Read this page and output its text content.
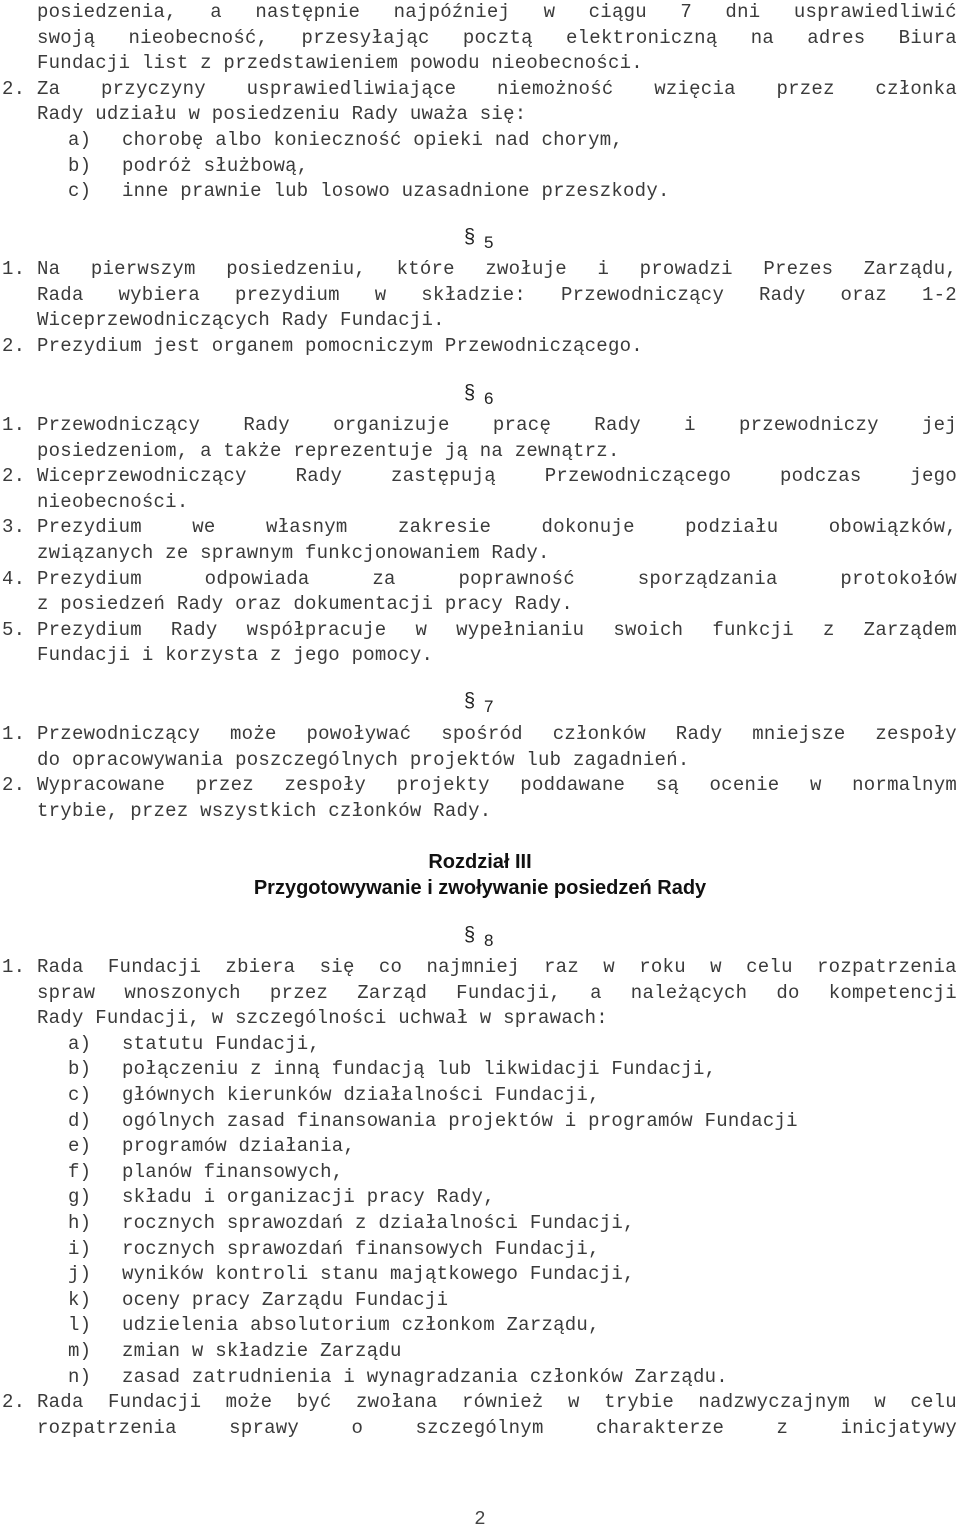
posiedzenia, a następnie najpóźniej w ciągu 7 dni usprawiedliwić
swoją nieobecność, przesyłając pocztą elektroniczną na adres Biura
Fundacji list z przedstawieniem powodu nieobecności.
2. Za przyczyny usprawiedliwiające niemożność wzięcia przez członka
Rady udziału w posiedzeniu Rady uważa się:
a) chorobę albo konieczność opieki nad chorym,
b) podróż służbową,
c) inne prawnie lub losowo uzasadnione przeszkody.
§ 5
1. Na pierwszym posiedzeniu, które zwołuje i prowadzi Prezes Zarządu,
Rada wybiera prezydium w składzie: Przewodniczący Rady oraz 1-2
Wiceprzewodniczących Rady Fundacji.
2. Prezydium jest organem pomocniczym Przewodniczącego.
§ 6
1. Przewodniczący Rady organizuje pracę Rady i przewodniczy jej
posiedzeniom, a także reprezentuje ją na zewnątrz.
2. Wiceprzewodniczący	Rady	zastępują	Przewodniczącego	podczas	jego
nieobecności.
3. Prezydium	we	własnym	zakresie	dokonuje	podziału	obowiązków,
związanych ze sprawnym funkcjonowaniem Rady.
4. Prezydium	odpowiada	za	poprawność	sporządzania	protokołów
z posiedzeń Rady oraz dokumentacji pracy Rady.
5. Prezydium Rady współpracuje w wypełnianiu swoich funkcji z Zarządem
Fundacji i korzysta z jego pomocy.
§ 7
1. Przewodniczący może powoływać spośród członków Rady mniejsze zespoły
do opracowywania poszczególnych projektów lub zagadnień.
2. Wypracowane przez zespoły projekty poddawane są ocenie w normalnym
trybie, przez wszystkich członków Rady.
Rozdział III
Przygotowywanie i zwoływanie posiedzeń Rady
§ 8
1. Rada Fundacji zbiera się co najmniej raz w roku w celu rozpatrzenia
spraw wnoszonych przez Zarząd Fundacji, a należących do kompetencji
Rady Fundacji, w szczególności uchwał w sprawach:
a) statutu Fundacji,
b) połączeniu z inną fundacją lub likwidacji Fundacji,
c) głównych kierunków działalności Fundacji,
d) ogólnych zasad finansowania projektów i programów Fundacji
e) programów działania,
f) planów finansowych,
g) składu i organizacji pracy Rady,
h) rocznych sprawozdań z działalności Fundacji,
i) rocznych sprawozdań finansowych Fundacji,
j) wyników kontroli stanu majątkowego Fundacji,
k) oceny pracy Zarządu Fundacji
l) udzielenia absolutorium członkom Zarządu,
m) zmian w składzie Zarządu
n) zasad zatrudnienia i wynagradzania członków Zarządu.
2. Rada Fundacji może być zwołana również w trybie nadzwyczajnym w celu
rozpatrzenia	sprawy	o	szczególnym	charakterze	z	inicjatywy
2
